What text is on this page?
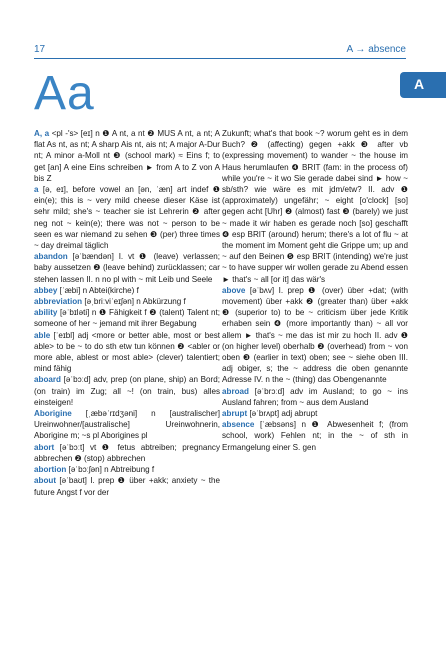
17	A → absence
Aa	A
A, a <pl -'s> [eɪ] n ❶ A nt, a nt ❷ MUS A nt, a nt; A flat As nt, as nt; A sharp Ais nt, ais nt; A major A-Dur nt; A minor a-Moll nt ❸ (school mark) ≈ Eins f; to get [an] A eine Eins schreiben ► from A to Z von A bis Z
a [ə, eɪ], before vowel an [ən, ˈæn] art indef ❶ ein(e); this is ~ very mild cheese dieser Käse ist sehr mild; she's ~ teacher sie ist Lehrerin ❷ after neg not ~ kein(e); there was not ~ person to be seen es war niemand zu sehen ❸ (per) three times ~ day dreimal täglich
abandon [əˈbændən] I. vt ❶ (leave) verlassen; baby aussetzen ❷ (leave behind) zurücklassen; car stehen lassen II. n no pl with ~ mit Leib und Seele
abbey [ˈæbi] n Abtei(kirche) f
abbreviation [əˌbriːviˈeɪʃən] n Abkürzung f
ability [əˈbɪləti] n ❶ Fähigkeit f ❷ (talent) Talent nt; someone of her ~ jemand mit ihrer Begabung
able [ˈeɪbl] adj <more or better able, most or best able> to be ~ to do sth etw tun können ❷ <abler or more able, ablest or most able> (clever) talentiert; mind fähig
aboard [əˈbɔːd] adv, prep (on plane, ship) an Bord; (on train) im Zug; all ~! (on train, bus) alles einsteigen!
Aborigine [ˌæbəˈrɪdʒəni] n [australischer] Ureinwohner/[australische] Ureinwohnerin, Aborigine m; ~s pl Aborigines pl
abort [əˈbɔːt] vt ❶ fetus abtreiben; pregnancy abbrechen ❷ (stop) abbrechen
abortion [əˈbɔːʃən] n Abtreibung f
about [əˈbaʊt] I. prep ❶ über +akk; anxiety ~ the future Angst f vor der
Zukunft; what's that book ~? worum geht es in dem Buch? ❷ (affecting) gegen +akk ❸ after vb (expressing movement) to wander ~ the house im Haus herumlaufen ❹ BRIT (fam: in the process of) while you're ~ it wo Sie gerade dabei sind ► how ~ sb/sth? wie wäre es mit jdm/etw? II. adv ❶ (approximately) ungefähr; ~ eight [o'clock] [so] gegen acht [Uhr] ❷ (almost) fast ❸ (barely) we just ~ made it wir haben es gerade noch [so] geschafft ❹ esp BRIT (around) herum; there's a lot of flu ~ at the moment im Moment geht die Grippe um; up and ~ auf den Beinen ❺ esp BRIT (intending) we're just ~ to have supper wir wollen gerade zu Abend essen ► that's ~ all [or it] das wär's
above [əˈbʌv] I. prep ❶ (over) über +dat; (with movement) über +akk ❷ (greater than) über +akk ❸ (superior to) to be ~ criticism über jede Kritik erhaben sein ❹ (more importantly than) ~ all vor allem ► that's ~ me das ist mir zu hoch II. adv ❶ (on higher level) oberhalb ❷ (overhead) from ~ von oben ❸ (earlier in text) oben; see ~ siehe oben III. adj obiger, s; the ~ address die oben genannte Adresse IV. n the ~ (thing) das Obengenannte
abroad [əˈbrɔːd] adv im Ausland; to go ~ ins Ausland fahren; from ~ aus dem Ausland
abrupt [əˈbrʌpt] adj abrupt
absence [ˈæbsəns] n ❶ Abwesenheit f; (from school, work) Fehlen nt; in the ~ of sth in Ermangelung einer S. gen
